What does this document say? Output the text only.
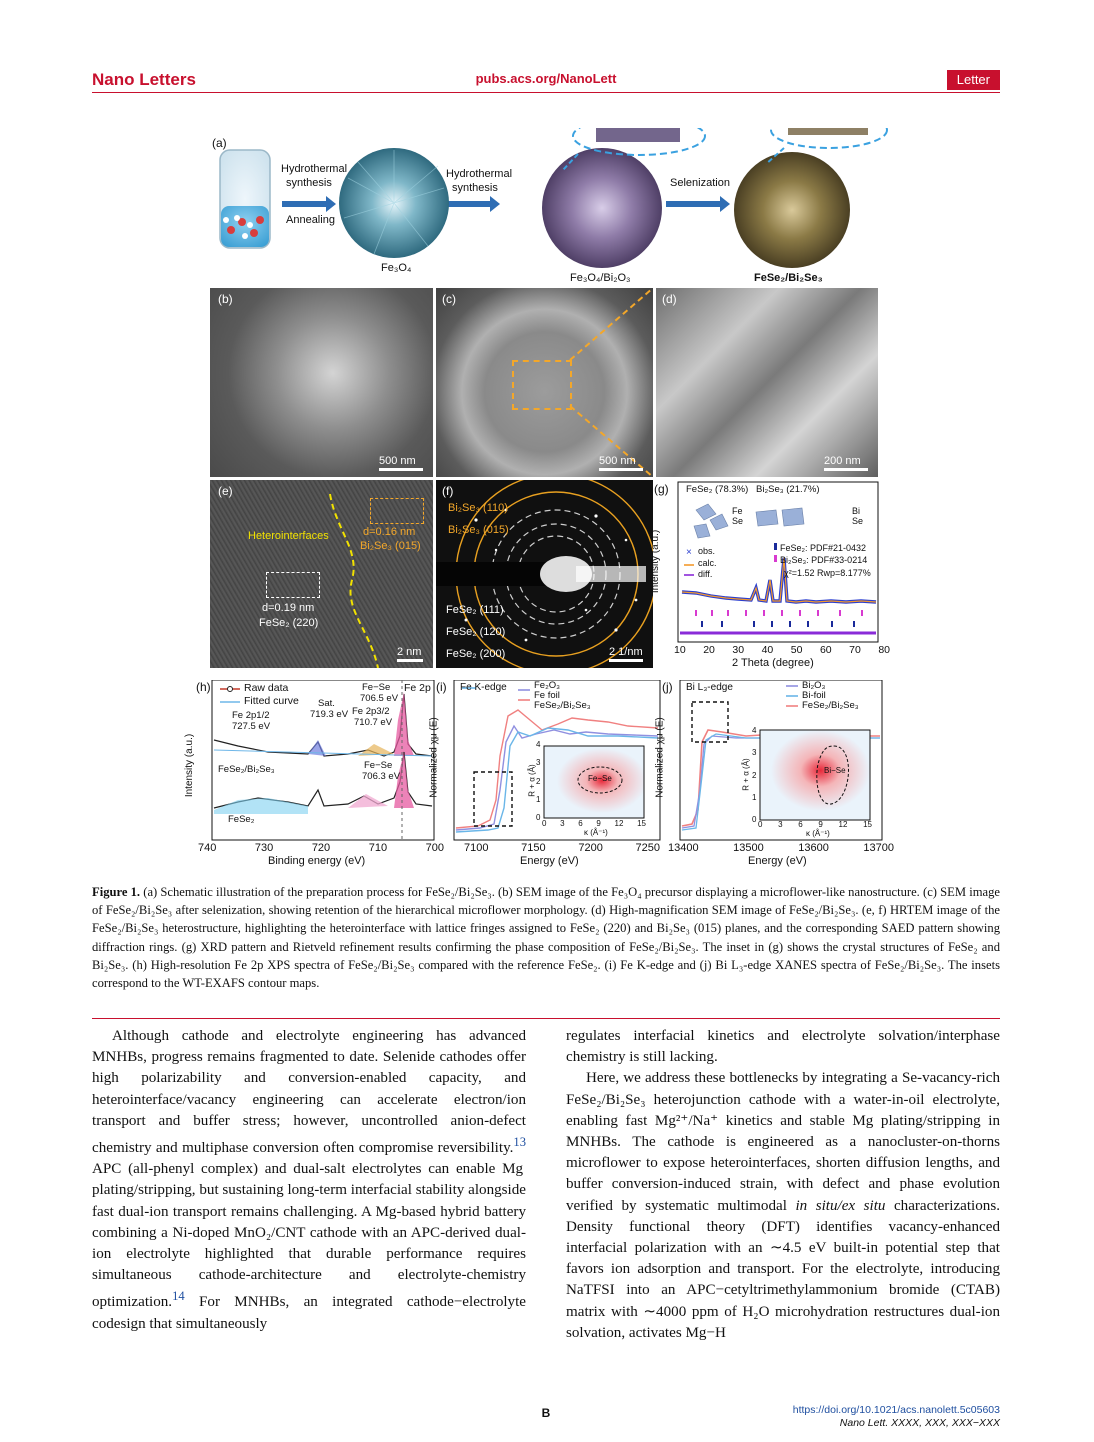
Nano Letters	pubs.acs.org/NanoLett	Letter
(a)
Hydrothermal
synthesis
Annealing
Hydrothermal
synthesis	Selenization
Fe₃O₄
Fe₃O₄/Bi₂O₃	FeSe₂/Bi₂Se₃
(b)
500 nm
(c)
500 nm
(d)
200 nm
(e)
Heterointerfaces	d=0.16 nm
Bi₂Se₃ (015)
d=0.19 nm
FeSe₂ (220)
2 nm
(f)
Bi₂Se₃ (110)
Bi₂Se₃ (015)
FeSe₂ (111)
FeSe₂ (120)
FeSe₂ (200)	2 1/nm
(g)
×
FeSe₂ (78.3%) Bi₂Se₃ (21.7%)
Fe
Se
Bi
Se
obs.
calc.
diff.
FeSe₂: PDF#21-0432
Bi₂Se₃: PDF#33-0214
χ²=1.52 Rwp=8.177%
Intensity (a.u.)
10 20 30 40 50 60 70 80
2 Theta (degree)
(h)	Raw data
Fitted curve
Fe 2p
Fe−Se
706.5 eV
Sat.
719.3 eV Fe 2p3/2
710.7 eV
Fe 2p1/2
727.5 eV
FeSe₂/Bi₂Se₃	Fe−Se
706.3 eV
FeSe₂
Intensity (a.u.)
740	730	720	710	700
Binding energy (eV)
(i) Fe K-edge	Fe₂O₃
Fe foil
FeSe₂/Bi₂Se₃
Normalized χμ (E)	Fe−Se
R + α (Å)
0
1
2
3
4
0 3 6 9 12 15
κ (Å⁻¹)
7100	7150	7200	7250
Energy (eV)
(j) Bi L₃-edge	Bi₂O₃
Bi-foil
FeSe₂/Bi₂Se₃
Normalized χμ (E)	Bi−Se
R + α (Å)
0
1
2
3
4
0 3 6 9 12 15
κ (Å⁻¹)
13400	13500	13600	13700
Energy (eV)
Figure 1. (a) Schematic illustration of the preparation process for FeSe₂/Bi₂Se₃. (b) SEM image of the Fe₃O₄ precursor displaying a microflower-like nanostructure. (c) SEM image of FeSe₂/Bi₂Se₃ after selenization, showing retention of the hierarchical microflower morphology. (d) High-magnification SEM image of FeSe₂/Bi₂Se₃. (e, f) HRTEM image of the FeSe₂/Bi₂Se₃ heterostructure, highlighting the heterointerface with lattice fringes assigned to FeSe₂ (220) and Bi₂Se₃ (015) planes, and the corresponding SAED pattern showing diffraction rings. (g) XRD pattern and Rietveld refinement results confirming the phase composition of FeSe₂/Bi₂Se₃. The inset in (g) shows the crystal structures of FeSe₂ and Bi₂Se₃. (h) High-resolution Fe 2p XPS spectra of FeSe₂/Bi₂Se₃ compared with the reference FeSe₂. (i) Fe K-edge and (j) Bi L₃-edge XANES spectra of FeSe₂/Bi₂Se₃. The insets correspond to the WT-EXAFS contour maps.

Although cathode and electrolyte engineering has advanced MNHBs, progress remains fragmented to date. Selenide cathodes offer high polarizability and conversion-enabled capacity, and heterointerface/vacancy engineering can accelerate electron/ion transport and buffer stress; however, uncontrolled anion-defect chemistry and multiphase conversion often compromise reversibility.$^{13}$ APC (all-phenyl complex) and dual-salt electrolytes can enable Mg plating/stripping, but sustaining long-term interfacial stability alongside fast dual-ion transport remains challenging. A Mg-based hybrid battery combining a Ni-doped MnO₂/CNT cathode with an APC-derived dual-ion electrolyte highlighted that durable performance requires simultaneous cathode-architecture and electrolyte-chemistry optimization.$^{14}$ For MNHBs, an integrated cathode−electrolyte codesign that simultaneously

regulates interfacial kinetics and electrolyte solvation/interphase chemistry is still lacking.

Here, we address these bottlenecks by integrating a Se-vacancy-rich FeSe₂/Bi₂Se₃ heterojunction cathode with a water-in-oil electrolyte, enabling fast Mg²⁺/Na⁺ kinetics and stable Mg plating/stripping in MNHBs. The cathode is engineered as a nanocluster-on-thorns microflower to expose heterointerfaces, shorten diffusion lengths, and buffer conversion-induced strain, with defect and phase evolution verified by systematic multimodal in situ/ex situ characterizations. Density functional theory (DFT) identifies vacancy-enhanced interfacial polarization with an ∼4.5 eV built-in potential step that favors ion adsorption and transport. For the electrolyte, introducing NaTFSI into an APC−cetyltrimethylammonium bromide (CTAB) matrix with ∼4000 ppm of H₂O microhydration restructures dual-ion solvation, activates Mg−H

B	https://doi.org/10.1021/acs.nanolett.5c05603
Nano Lett. XXXX, XXX, XXX−XXX
